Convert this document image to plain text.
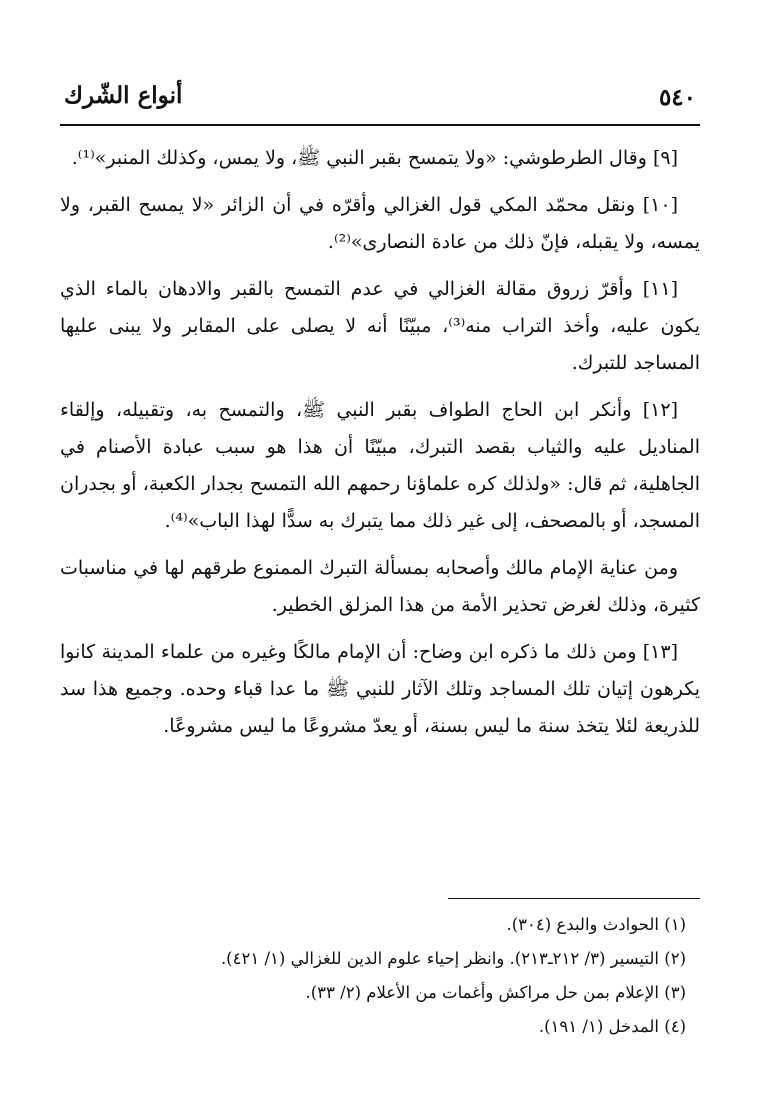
٥٤٠
أنواع الشّرك

[٩] وقال الطرطوشي: «ولا يتمسح بقبر النبي ﷺ، ولا يمس، وكذلك المنبر»⁽¹⁾.

[١٠] ونقل محمّد المكي قول الغزالي وأقرّه في أن الزائر «لا يمسح القبر، ولا يمسه، ولا يقبله، فإنّ ذلك من عادة النصارى»⁽²⁾.

[١١] وأقرّ زروق مقالة الغزالي في عدم التمسح بالقبر والادهان بالماء الذي يكون عليه، وأخذ التراب منه⁽³⁾، مبيّنًا أنه لا يصلى على المقابر ولا يبنى عليها المساجد للتبرك.

[١٢] وأنكر ابن الحاج الطواف بقبر النبي ﷺ، والتمسح به، وتقبيله، وإلقاء المناديل عليه والثياب بقصد التبرك، مبيّنًا أن هذا هو سبب عبادة الأصنام في الجاهلية، ثم قال: «ولذلك كره علماؤنا رحمهم الله التمسح بجدار الكعبة، أو بجدران المسجد، أو بالمصحف، إلى غير ذلك مما يتبرك به سدًّا لهذا الباب»⁽⁴⁾.

ومن عناية الإمام مالك وأصحابه بمسألة التبرك الممنوع طرقهم لها في مناسبات كثيرة، وذلك لغرض تحذير الأمة من هذا المزلق الخطير.

[١٣] ومن ذلك ما ذكره ابن وضاح: أن الإمام مالكًا وغيره من علماء المدينة كانوا يكرهون إتيان تلك المساجد وتلك الآثار للنبي ﷺ ما عدا قباء وحده. وجميع هذا سد للذريعة لئلا يتخذ سنة ما ليس بسنة، أو يعدّ مشروعًا ما ليس مشروعًا.

(١) الحوادث والبدع (٣٠٤).

(٢) التيسير (٣/ ٢١٢ـ٢١٣). وانظر إحياء علوم الدين للغزالي (١/ ٤٢١).

(٣) الإعلام بمن حل مراكش وأغمات من الأعلام (٢/ ٣٣).

(٤) المدخل (١/ ١٩١).
